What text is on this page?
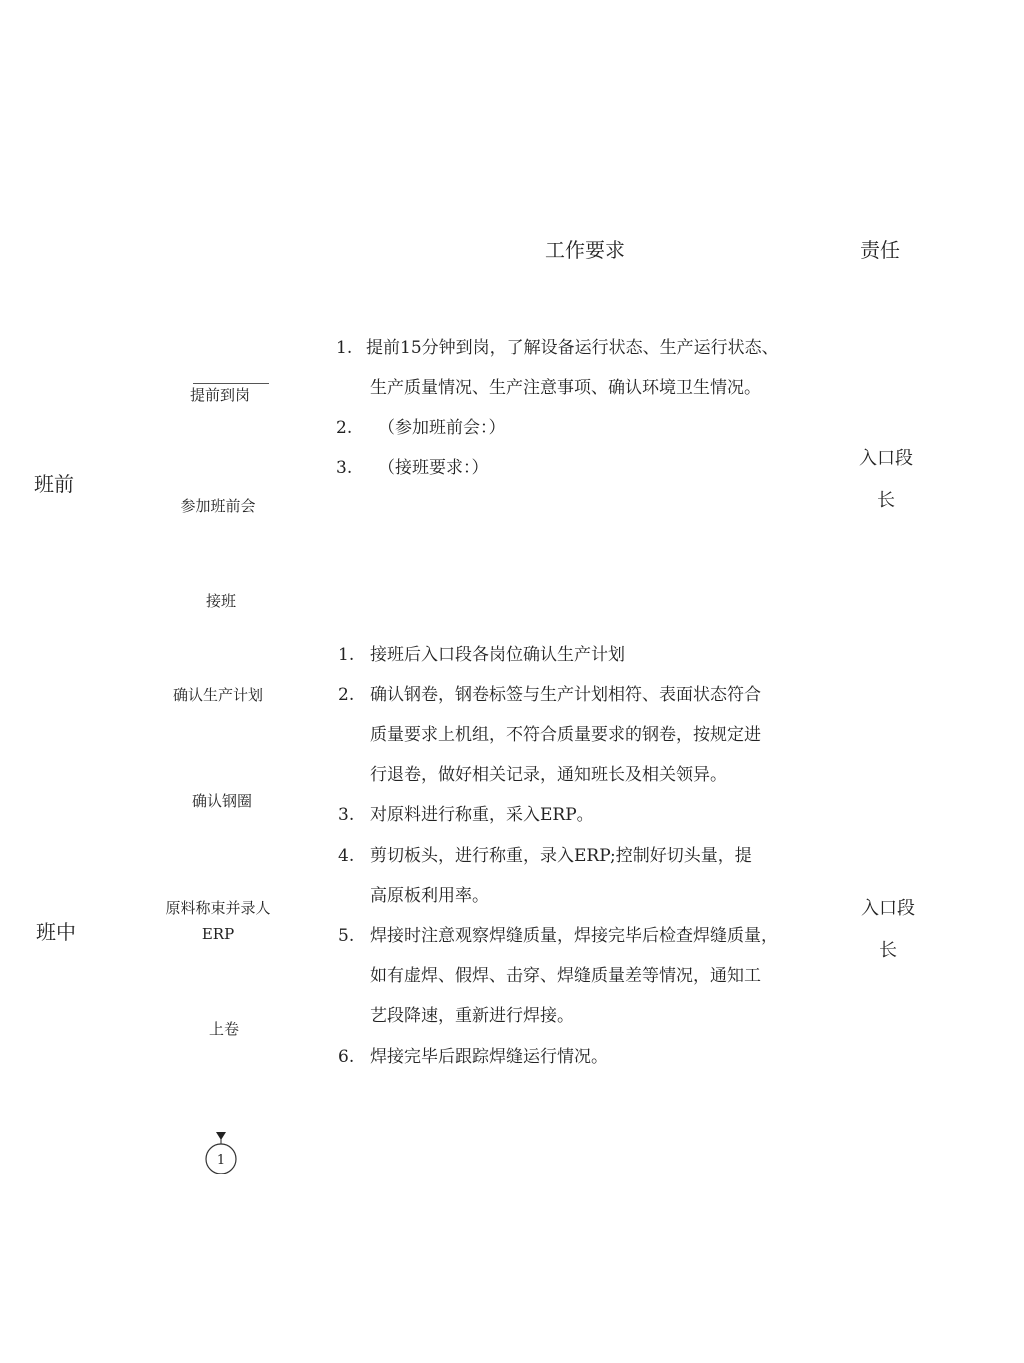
工作要求	责任
班前
班中
提前到岗
参加班前会
接班
确认生产计划
确认钢圈
原料称束并录人ERP
上卷
1. 提前15分钟到岗，了解设备运行状态、生产运行状态、
生产质量情况、生产注意事项、确认环境卫生情况。
2. （参加班前会：）
3. （接班要求：）
1. 接班后入口段各岗位确认生产计划
2. 确认钢卷，钢卷标签与生产计划相符、表面状态符合
质量要求上机组，不符合质量要求的钢卷，按规定进
行退卷，做好相关记录，通知班长及相关领异。
3. 对原料进行称重，采入ERP。
4. 剪切板头，进行称重，录入ERP;控制好切头量，提
高原板利用率。
5. 焊接时注意观察焊缝质量，焊接完毕后检查焊缝质量，
如有虚焊、假焊、击穿、焊缝质量差等情况，通知工
艺段降速，重新进行焊接。
6. 焊接完毕后跟踪焊缝运行情况。
入口段长
入口段长
1
